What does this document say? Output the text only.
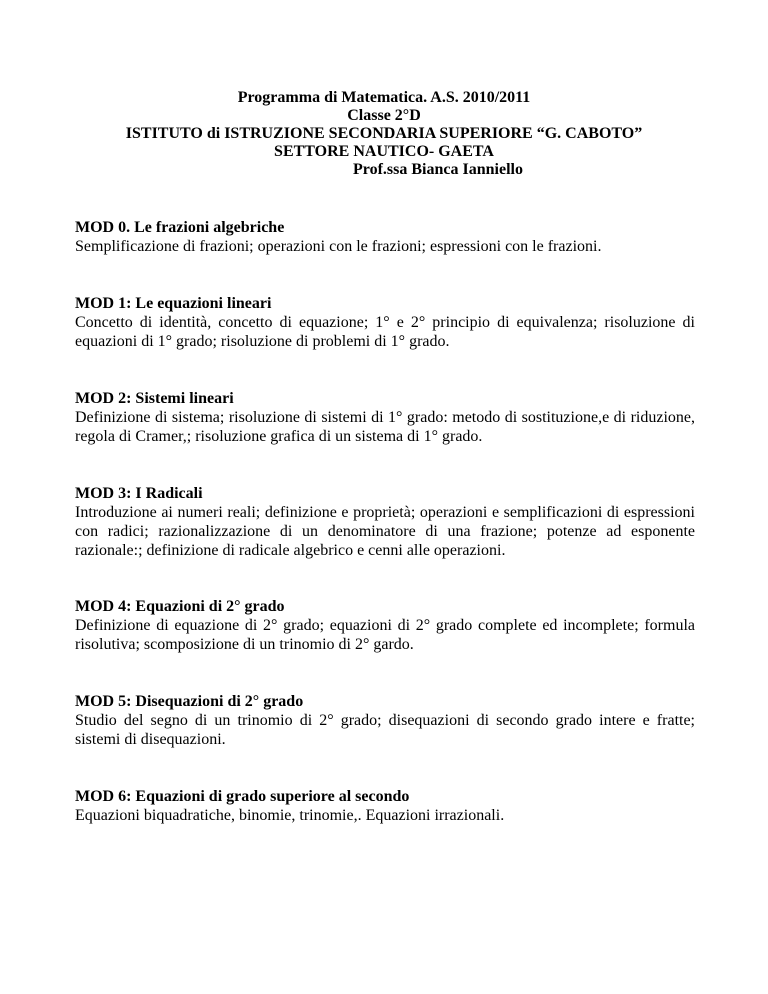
Programma di Matematica. A.S. 2010/2011
Classe 2°D
ISTITUTO di ISTRUZIONE SECONDARIA SUPERIORE “G. CABOTO”
SETTORE NAUTICO- GAETA
Prof.ssa Bianca Ianniello
MOD 0. Le frazioni algebriche
Semplificazione di frazioni; operazioni con le frazioni; espressioni con le frazioni.
MOD 1: Le equazioni lineari
Concetto di identità, concetto di equazione; 1° e 2° principio di equivalenza; risoluzione di equazioni di 1° grado; risoluzione di problemi di 1° grado.
MOD 2: Sistemi lineari
Definizione di sistema; risoluzione di sistemi di 1° grado: metodo di sostituzione,e di riduzione, regola di Cramer,; risoluzione grafica di un sistema di 1° grado.
MOD 3: I Radicali
Introduzione ai numeri reali; definizione e proprietà; operazioni e semplificazioni di espressioni con radici; razionalizzazione di un denominatore di una frazione; potenze ad esponente razionale:; definizione di radicale algebrico e cenni alle operazioni.
MOD 4: Equazioni di 2° grado
Definizione di equazione di 2° grado; equazioni di 2° grado complete ed incomplete; formula risolutiva; scomposizione di un trinomio di 2° gardo.
MOD 5: Disequazioni di 2° grado
Studio del segno di un trinomio di 2° grado; disequazioni di secondo grado intere e fratte; sistemi di disequazioni.
MOD 6: Equazioni di grado superiore al secondo
Equazioni biquadratiche, binomie, trinomie,. Equazioni irrazionali.
